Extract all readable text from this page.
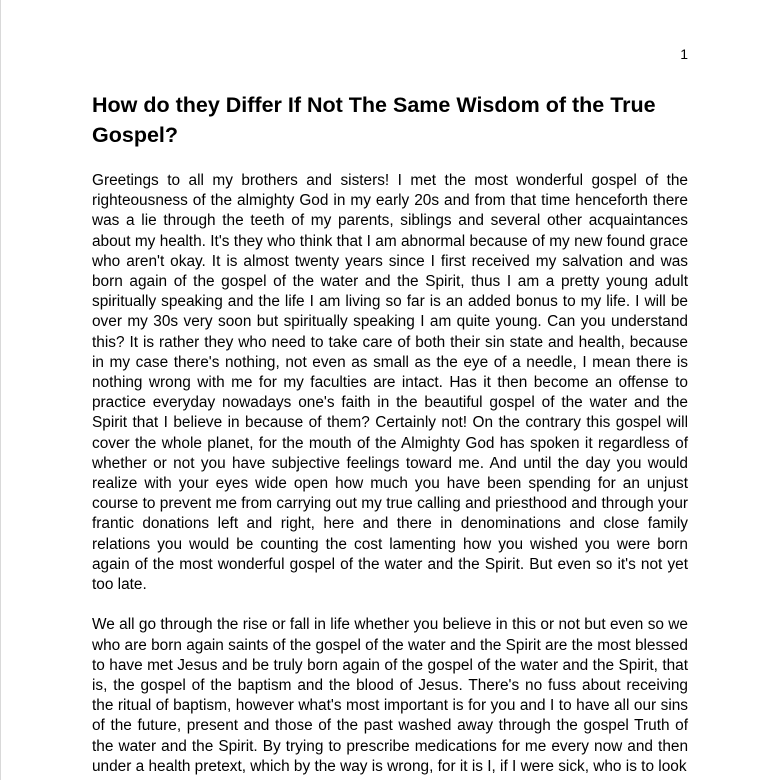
1
How do they Differ If Not The Same Wisdom of the True Gospel?

Greetings to all my brothers and sisters! I met the most wonderful gospel of the righteousness of the almighty God in my early 20s and from that time henceforth there was a lie through the teeth of my parents, siblings and several other acquaintances about my health. It's they who think that I am abnormal because of my new found grace who aren't okay. It is almost twenty years since I first received my salvation and was born again of the gospel of the water and the Spirit, thus I am a pretty young adult spiritually speaking and the life I am living so far is an added bonus to my life. I will be over my 30s very soon but spiritually speaking I am quite young. Can you understand this? It is rather they who need to take care of both their sin state and health, because in my case there's nothing, not even as small as the eye of a needle, I mean there is nothing wrong with me for my faculties are intact. Has it then become an offense to practice everyday nowadays one's faith in the beautiful gospel of the water and the Spirit that I believe in because of them? Certainly not! On the contrary this gospel will cover the whole planet, for the mouth of the Almighty God has spoken it regardless of whether or not you have subjective feelings toward me. And until the day you would realize with your eyes wide open how much you have been spending for an unjust course to prevent me from carrying out my true calling and priesthood and through your frantic donations left and right, here and there in denominations and close family relations you would be counting the cost lamenting how you wished you were born again of the most wonderful gospel of the water and the Spirit. But even so it's not yet too late.

We all go through the rise or fall in life whether you believe in this or not but even so we who are born again saints of the gospel of the water and the Spirit are the most blessed to have met Jesus and be truly born again of the gospel of the water and the Spirit, that is, the gospel of the baptism and the blood of Jesus. There's no fuss about receiving the ritual of baptism, however what's most important is for you and I to have all our sins of the future, present and those of the past washed away through the gospel Truth of the water and the Spirit. By trying to prescribe medications for me every now and then under a health pretext, which by the way is wrong, for it is I, if I were sick, who is to look
